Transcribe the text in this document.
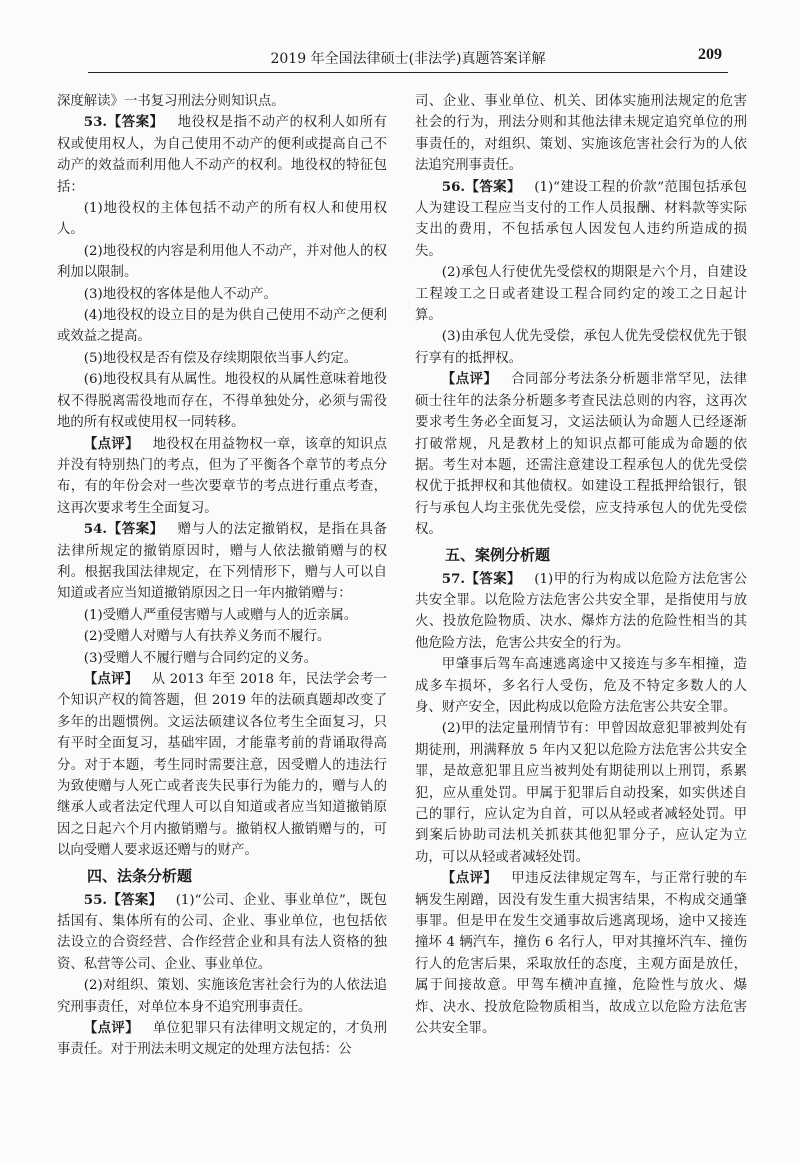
2019 年全国法律硕士(非法学)真题答案详解	209

深度解读》一书复习刑法分则知识点。

53.【答案】  地役权是指不动产的权利人如所有权或使用权人，为自己使用不动产的便利或提高自己不动产的效益而利用他人不动产的权利。地役权的特征包括：

(1)地役权的主体包括不动产的所有权人和使用权人。

(2)地役权的内容是利用他人不动产，并对他人的权利加以限制。

(3)地役权的客体是他人不动产。

(4)地役权的设立目的是为供自己使用不动产之便利或效益之提高。

(5)地役权是否有偿及存续期限依当事人约定。

(6)地役权具有从属性。地役权的从属性意味着地役权不得脱离需役地而存在，不得单独处分，必须与需役地的所有权或使用权一同转移。

【点评】  地役权在用益物权一章，该章的知识点并没有特别热门的考点，但为了平衡各个章节的考点分布，有的年份会对一些次要章节的考点进行重点考查，这再次要求考生全面复习。

54.【答案】  赠与人的法定撤销权，是指在具备法律所规定的撤销原因时，赠与人依法撤销赠与的权利。根据我国法律规定，在下列情形下，赠与人可以自知道或者应当知道撤销原因之日一年内撤销赠与：

(1)受赠人严重侵害赠与人或赠与人的近亲属。

(2)受赠人对赠与人有扶养义务而不履行。

(3)受赠人不履行赠与合同约定的义务。

【点评】  从 2013 年至 2018 年，民法学会考一个知识产权的简答题，但 2019 年的法硕真题却改变了多年的出题惯例。文运法硕建议各位考生全面复习，只有平时全面复习，基础牢固，才能靠考前的背诵取得高分。对于本题，考生同时需要注意，因受赠人的违法行为致使赠与人死亡或者丧失民事行为能力的，赠与人的继承人或者法定代理人可以自知道或者应当知道撤销原因之日起六个月内撤销赠与。撤销权人撤销赠与的，可以向受赠人要求返还赠与的财产。

四、法条分析题

55.【答案】  (1)“公司、企业、事业单位”，既包括国有、集体所有的公司、企业、事业单位，也包括依法设立的合资经营、合作经营企业和具有法人资格的独资、私营等公司、企业、事业单位。

(2)对组织、策划、实施该危害社会行为的人依法追究刑事责任，对单位本身不追究刑事责任。

【点评】  单位犯罪只有法律明文规定的，才负刑事责任。对于刑法未明文规定的处理方法包括：公

司、企业、事业单位、机关、团体实施刑法规定的危害社会的行为，刑法分则和其他法律未规定追究单位的刑事责任的，对组织、策划、实施该危害社会行为的人依法追究刑事责任。

56.【答案】  (1)“建设工程的价款”范围包括承包人为建设工程应当支付的工作人员报酬、材料款等实际支出的费用，不包括承包人因发包人违约所造成的损失。

(2)承包人行使优先受偿权的期限是六个月，自建设工程竣工之日或者建设工程合同约定的竣工之日起计算。

(3)由承包人优先受偿，承包人优先受偿权优先于银行享有的抵押权。

【点评】  合同部分考法条分析题非常罕见，法律硕士往年的法条分析题多考查民法总则的内容，这再次要求考生务必全面复习，文运法硕认为命题人已经逐渐打破常规，凡是教材上的知识点都可能成为命题的依据。考生对本题，还需注意建设工程承包人的优先受偿权优于抵押权和其他债权。如建设工程抵押给银行，银行与承包人均主张优先受偿，应支持承包人的优先受偿权。

五、案例分析题

57.【答案】  (1)甲的行为构成以危险方法危害公共安全罪。以危险方法危害公共安全罪，是指使用与放火、投放危险物质、决水、爆炸方法的危险性相当的其他危险方法，危害公共安全的行为。

甲肇事后驾车高速逃离途中又接连与多车相撞，造成多车损坏，多名行人受伤，危及不特定多数人的人身、财产安全，因此构成以危险方法危害公共安全罪。

(2)甲的法定量刑情节有：甲曾因故意犯罪被判处有期徒刑，刑满释放 5 年内又犯以危险方法危害公共安全罪，是故意犯罪且应当被判处有期徒刑以上刑罚，系累犯，应从重处罚。甲属于犯罪后自动投案，如实供述自己的罪行，应认定为自首，可以从轻或者减轻处罚。甲到案后协助司法机关抓获其他犯罪分子，应认定为立功，可以从轻或者减轻处罚。

【点评】  甲违反法律规定驾车，与正常行驶的车辆发生剐蹭，因没有发生重大损害结果，不构成交通肇事罪。但是甲在发生交通事故后逃离现场，途中又接连撞坏 4 辆汽车，撞伤 6 名行人，甲对其撞坏汽车、撞伤行人的危害后果，采取放任的态度，主观方面是放任，属于间接故意。甲驾车横冲直撞，危险性与放火、爆炸、决水、投放危险物质相当，故成立以危险方法危害公共安全罪。
